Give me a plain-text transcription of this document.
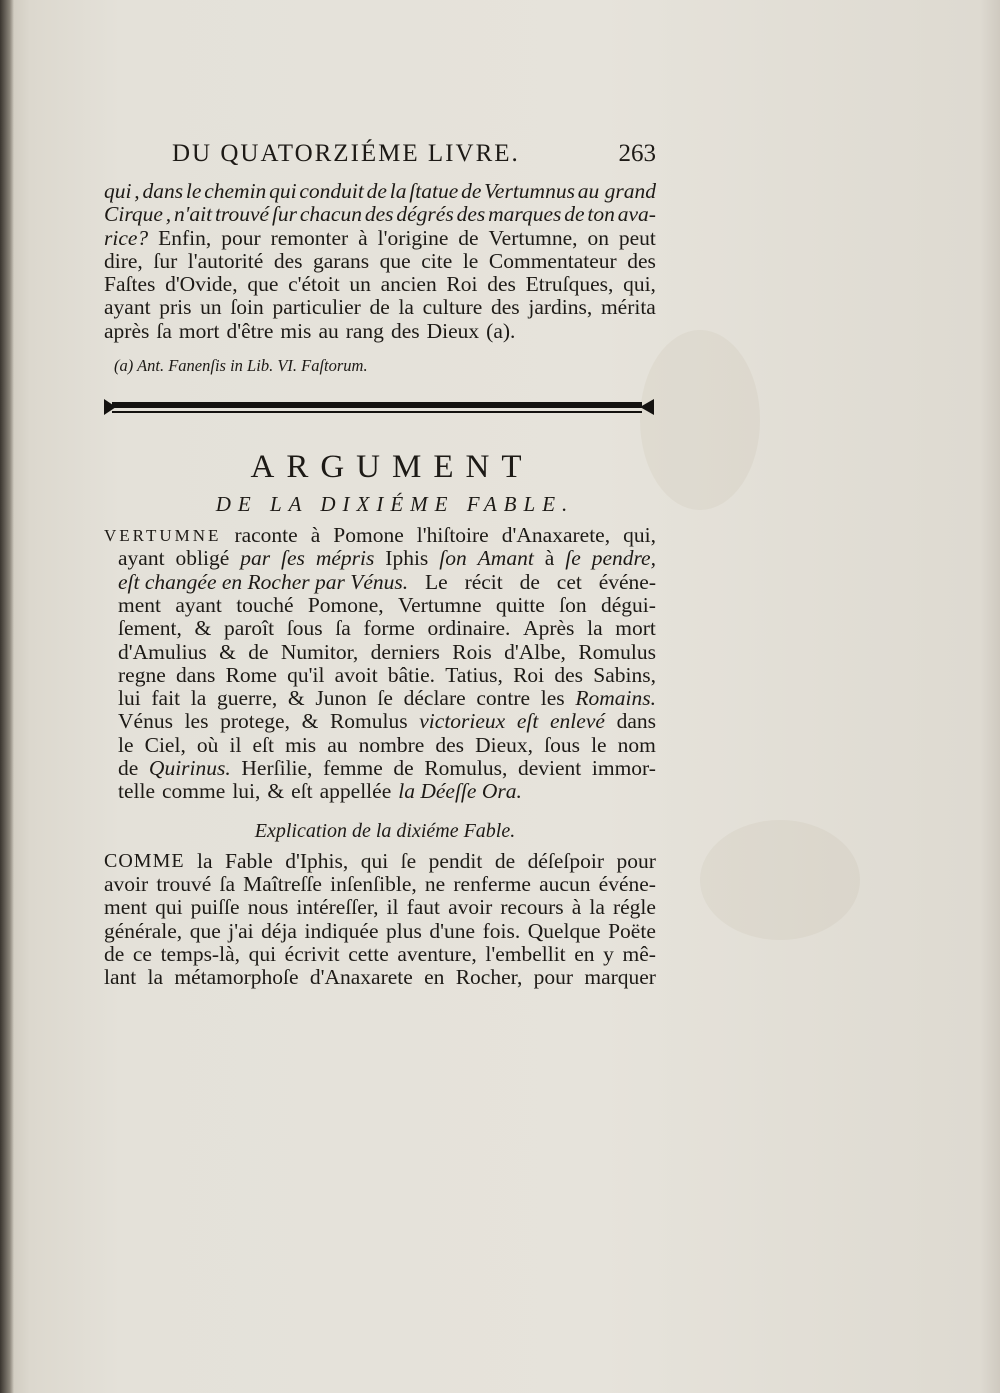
DU QUATORZIÉME LIVRE.	263
qui , dans le chemin qui conduit de la ſtatue de Vertumnus au grand
Cirque , n'ait trouvé ſur chacun des dégrés des marques de ton ava-
rice? Enfin, pour remonter à l'origine de Vertumne, on peut
dire, ſur l'autorité des garans que cite le Commentateur des
Faſtes d'Ovide, que c'étoit un ancien Roi des Etruſques, qui,
ayant pris un ſoin particulier de la culture des jardins, mérita
après ſa mort d'être mis au rang des Dieux (a).
(a) Ant. Fanenſis in Lib. VI. Faſtorum.
ARGUMENT
DE LA DIXIÉME FABLE.
VERTUMNE raconte à Pomone l'hiſtoire d'Anaxarete, qui,
ayant obligé par ſes mépris Iphis ſon Amant à ſe pendre,
eſt changée en Rocher par Vénus. Le récit de cet événe-
ment ayant touché Pomone, Vertumne quitte ſon dégui-
ſement, & paroît ſous ſa forme ordinaire. Après la mort
d'Amulius & de Numitor, derniers Rois d'Albe, Romulus
regne dans Rome qu'il avoit bâtie. Tatius, Roi des Sabins,
lui fait la guerre, & Junon ſe déclare contre les Romains.
Vénus les protege, & Romulus victorieux eſt enlevé dans
le Ciel, où il eſt mis au nombre des Dieux, ſous le nom
de Quirinus. Herſilie, femme de Romulus, devient immor-
telle comme lui, & eſt appellée la Déeſſe Ora.
Explication de la dixiéme Fable.
COMME la Fable d'Iphis, qui ſe pendit de déſeſpoir pour
avoir trouvé ſa Maîtreſſe inſenſible, ne renferme aucun événe-
ment qui puiſſe nous intéreſſer, il faut avoir recours à la régle
générale, que j'ai déja indiquée plus d'une fois. Quelque Poëte
de ce temps-là, qui écrivit cette aventure, l'embellit en y mê-
lant la métamorphoſe d'Anaxarete en Rocher, pour marquer
